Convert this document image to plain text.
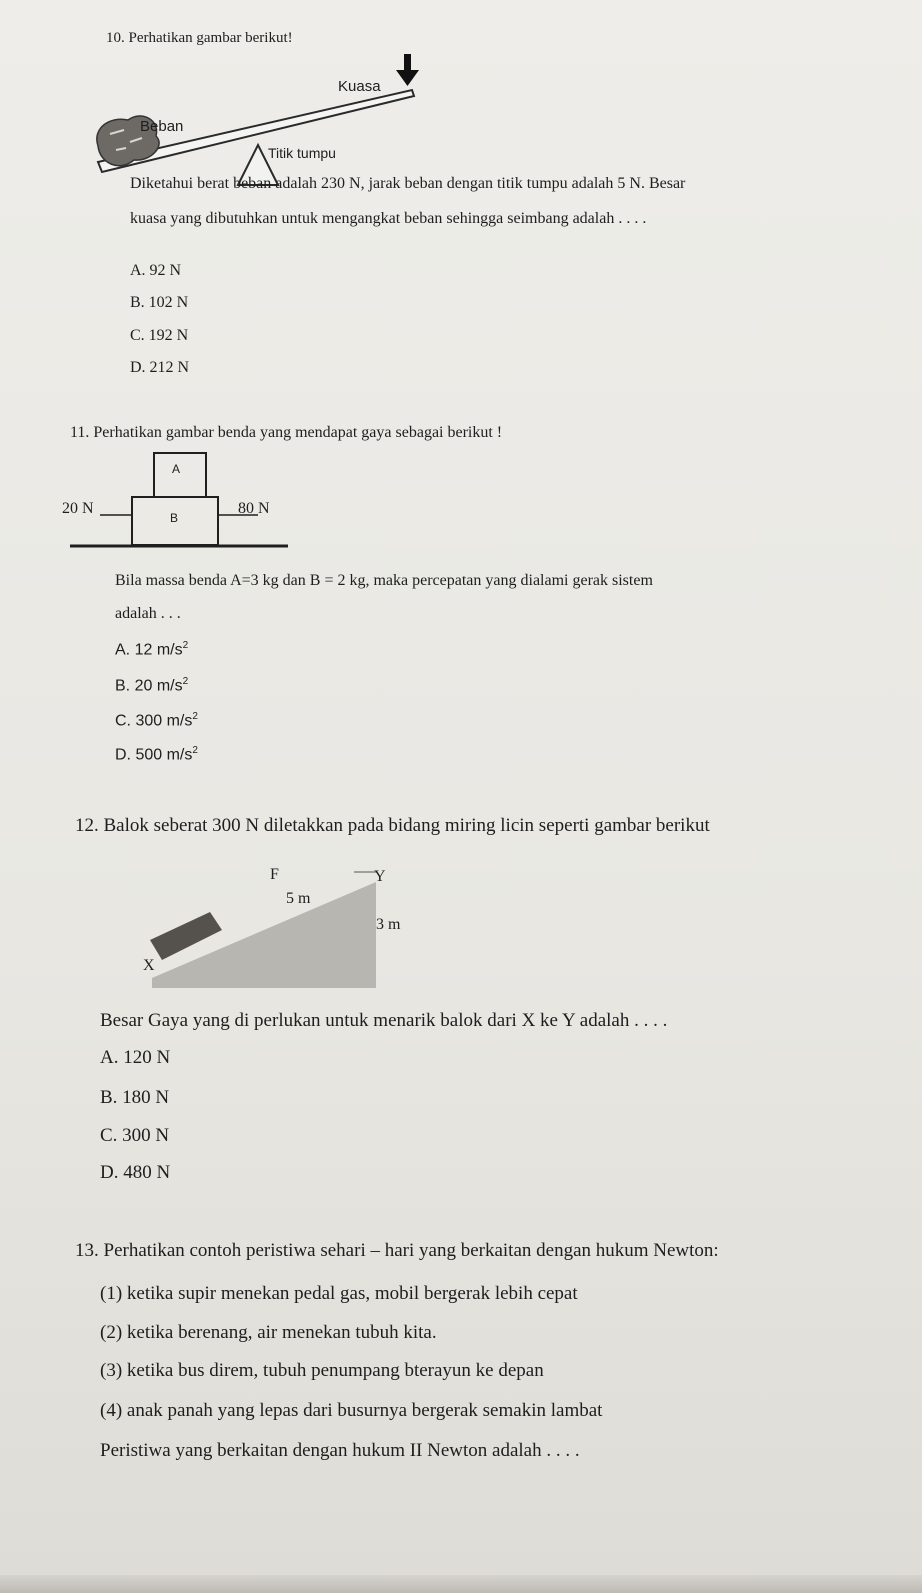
10. Perhatikan gambar berikut!
Kuasa
Beban
Titik tumpu
Diketahui berat beban adalah 230 N, jarak beban dengan titik tumpu adalah 5 N. Besar
kuasa yang dibutuhkan untuk mengangkat beban sehingga seimbang adalah . . . .
A. 92 N
B. 102 N
C. 192 N
D. 212 N
11. Perhatikan gambar benda yang mendapat gaya sebagai berikut !
A
B
20 N	80 N
Bila massa benda A=3 kg dan B = 2 kg, maka percepatan yang dialami gerak sistem
adalah . . .
A. 12 $m/s^2$
B. 20 $m/s^2$
C. 300 $m/s^2$
D. 500 $m/s^2$
12. Balok seberat 300 N diletakkan pada bidang miring licin seperti gambar berikut
F	Y
5 m
3 m
X
Besar Gaya yang di perlukan untuk menarik balok dari X ke Y adalah . . . .
A. 120 N
B. 180 N
C. 300 N
D. 480 N
13. Perhatikan contoh peristiwa sehari – hari yang berkaitan dengan hukum Newton:
(1) ketika supir menekan pedal gas, mobil bergerak lebih cepat
(2) ketika berenang, air menekan tubuh kita.
(3) ketika bus direm, tubuh penumpang bterayun ke depan
(4) anak panah yang lepas dari busurnya bergerak semakin lambat
Peristiwa yang berkaitan dengan hukum II Newton adalah . . . .
